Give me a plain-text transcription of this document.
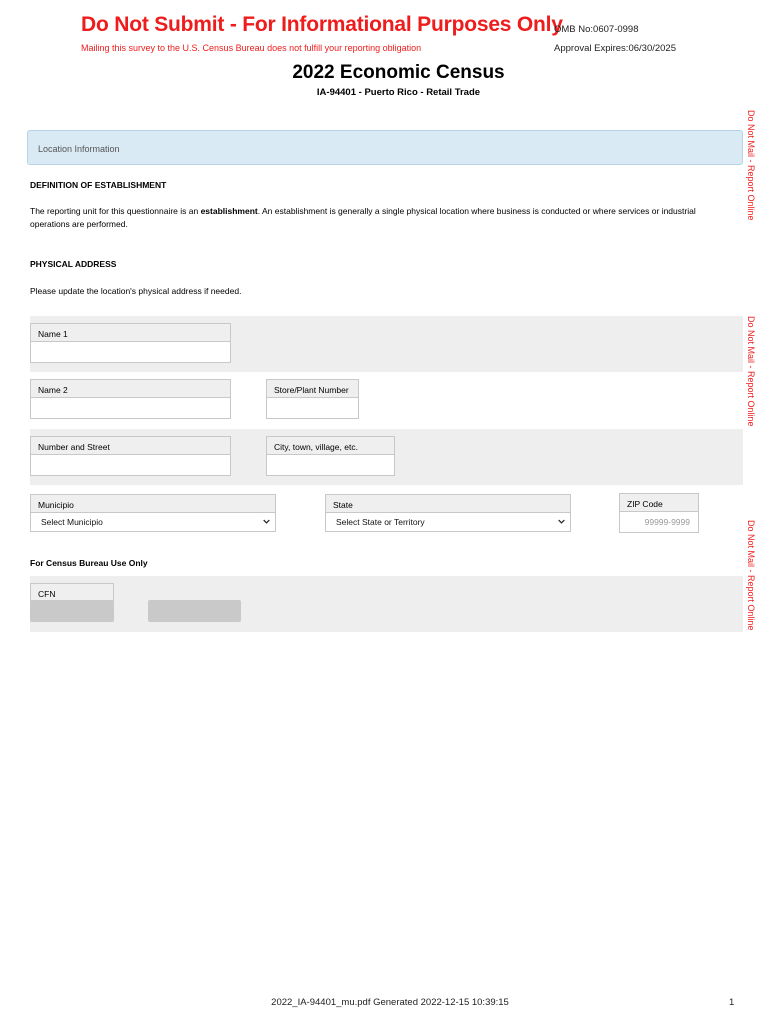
Do Not Submit - For Informational Purposes Only
Mailing this survey to the U.S. Census Bureau does not fulfill your reporting obligation
OMB No:0607-0998
Approval Expires:06/30/2025
2022 Economic Census
IA-94401 - Puerto Rico - Retail Trade
Do Not Mail - Report Online
Do Not Mail - Report Online
Do Not Mail - Report Online
Location Information
DEFINITION OF ESTABLISHMENT
The reporting unit for this questionnaire is an establishment. An establishment is generally a single physical location where business is conducted or where services or industrial operations are performed.
PHYSICAL ADDRESS
Please update the location's physical address if needed.
Name 1
Name 2	Store/Plant Number
Number and Street	City, town, village, etc.
Municipio
Select Municipio
State
Select State or Territory
ZIP Code
99999-9999
For Census Bureau Use Only
CFN
2022_IA-94401_mu.pdf Generated 2022-12-15 10:39:15	1
